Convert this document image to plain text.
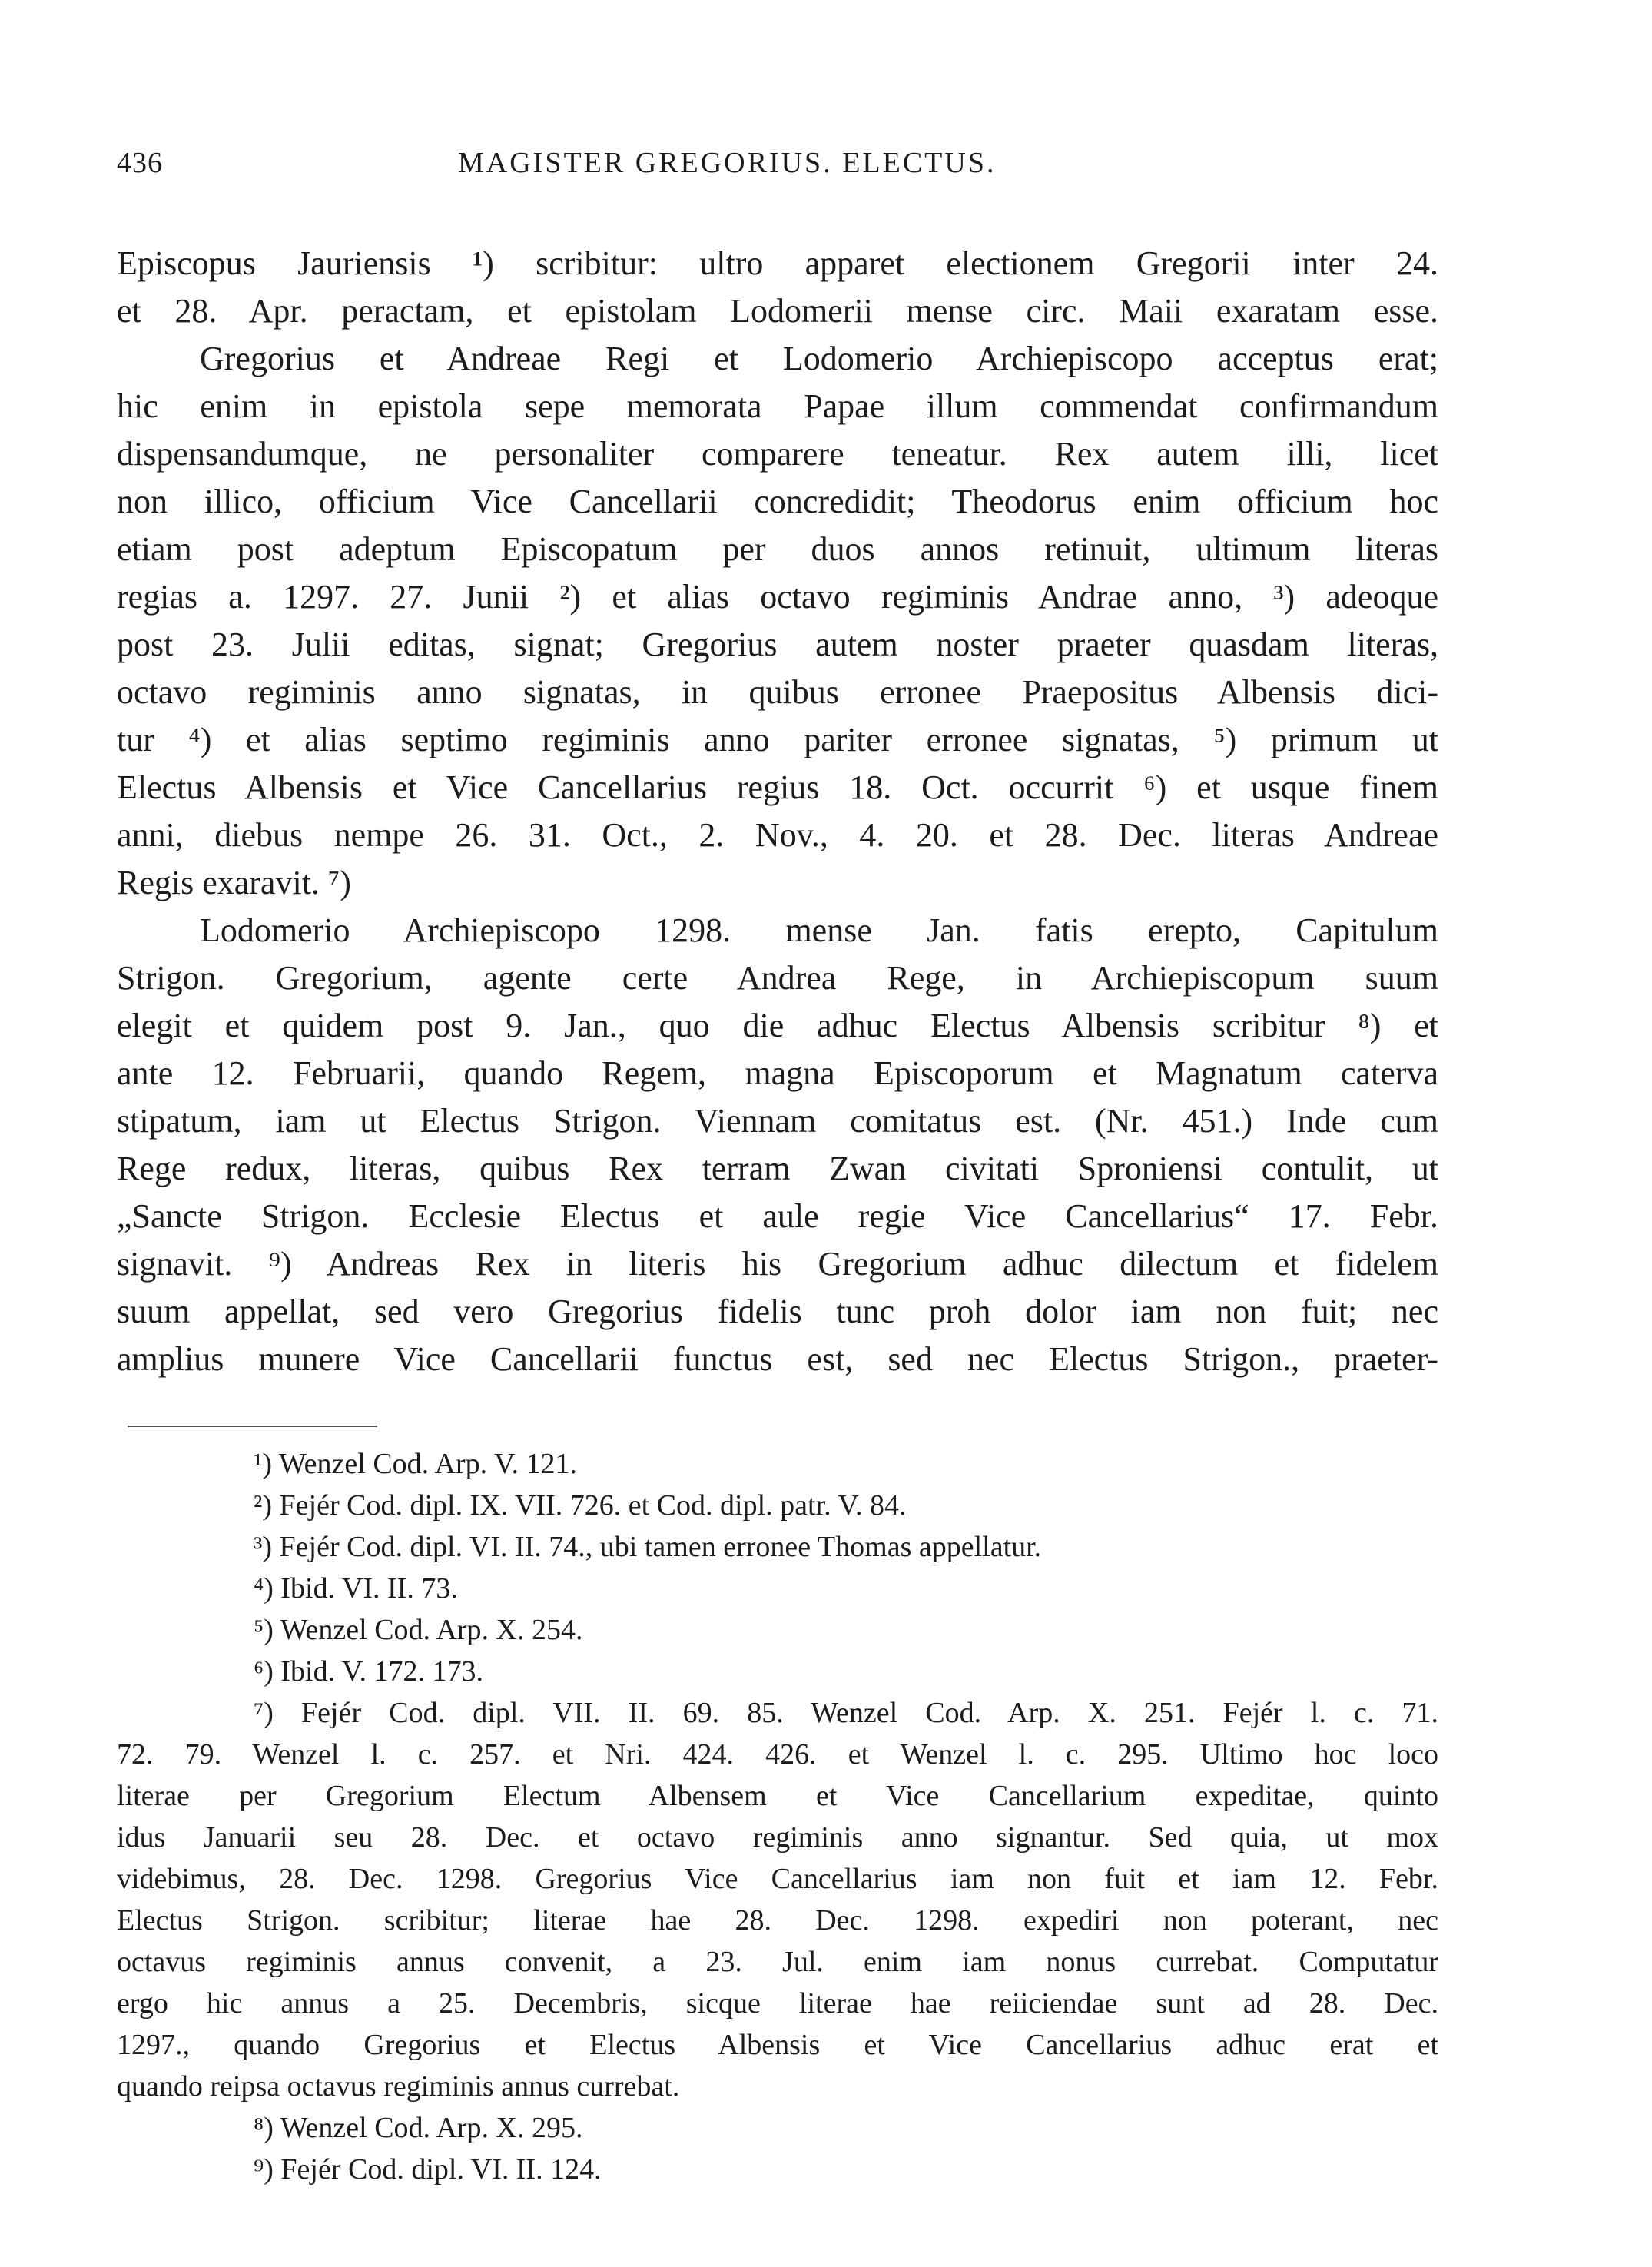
436	MAGISTER GREGORIUS. ELECTUS.
Episcopus Jauriensis ¹) scribitur: ultro apparet electionem Gregorii inter 24.
et 28. Apr. peractam, et epistolam Lodomerii mense circ. Maii exaratam esse.
Gregorius et Andreae Regi et Lodomerio Archiepiscopo acceptus erat;
hic enim in epistola sepe memorata Papae illum commendat confirmandum
dispensandumque, ne personaliter comparere teneatur. Rex autem illi, licet
non illico, officium Vice Cancellarii concredidit; Theodorus enim officium hoc
etiam post adeptum Episcopatum per duos annos retinuit, ultimum literas
regias a. 1297. 27. Junii ²) et alias octavo regiminis Andrae anno, ³) adeoque
post 23. Julii editas, signat; Gregorius autem noster praeter quasdam literas,
octavo regiminis anno signatas, in quibus erronee Praepositus Albensis dici-
tur ⁴) et alias septimo regiminis anno pariter erronee signatas, ⁵) primum ut
Electus Albensis et Vice Cancellarius regius 18. Oct. occurrit ⁶) et usque finem
anni, diebus nempe 26. 31. Oct., 2. Nov., 4. 20. et 28. Dec. literas Andreae
Regis exaravit. ⁷)
Lodomerio Archiepiscopo 1298. mense Jan. fatis erepto, Capitulum
Strigon. Gregorium, agente certe Andrea Rege, in Archiepiscopum suum
elegit et quidem post 9. Jan., quo die adhuc Electus Albensis scribitur ⁸) et
ante 12. Februarii, quando Regem, magna Episcoporum et Magnatum caterva
stipatum, iam ut Electus Strigon. Viennam comitatus est. (Nr. 451.) Inde cum
Rege redux, literas, quibus Rex terram Zwan civitati Sproniensi contulit, ut
„Sancte Strigon. Ecclesie Electus et aule regie Vice Cancellarius“ 17. Febr.
signavit. ⁹) Andreas Rex in literis his Gregorium adhuc dilectum et fidelem
suum appellat, sed vero Gregorius fidelis tunc proh dolor iam non fuit; nec
amplius munere Vice Cancellarii functus est, sed nec Electus Strigon., praeter-
¹) Wenzel Cod. Arp. V. 121.
²) Fejér Cod. dipl. IX. VII. 726. et Cod. dipl. patr. V. 84.
³) Fejér Cod. dipl. VI. II. 74., ubi tamen erronee Thomas appellatur.
⁴) Ibid. VI. II. 73.
⁵) Wenzel Cod. Arp. X. 254.
⁶) Ibid. V. 172. 173.
⁷) Fejér Cod. dipl. VII. II. 69. 85. Wenzel Cod. Arp. X. 251. Fejér l. c. 71.
72. 79. Wenzel l. c. 257. et Nri. 424. 426. et Wenzel l. c. 295. Ultimo hoc loco
literae per Gregorium Electum Albensem et Vice Cancellarium expeditae, quinto
idus Januarii seu 28. Dec. et octavo regiminis anno signantur. Sed quia, ut mox
videbimus, 28. Dec. 1298. Gregorius Vice Cancellarius iam non fuit et iam 12. Febr.
Electus Strigon. scribitur; literae hae 28. Dec. 1298. expediri non poterant, nec
octavus regiminis annus convenit, a 23. Jul. enim iam nonus currebat. Computatur
ergo hic annus a 25. Decembris, sicque literae hae reiiciendae sunt ad 28. Dec.
1297., quando Gregorius et Electus Albensis et Vice Cancellarius adhuc erat et
quando reipsa octavus regiminis annus currebat.
⁸) Wenzel Cod. Arp. X. 295.
⁹) Fejér Cod. dipl. VI. II. 124.
